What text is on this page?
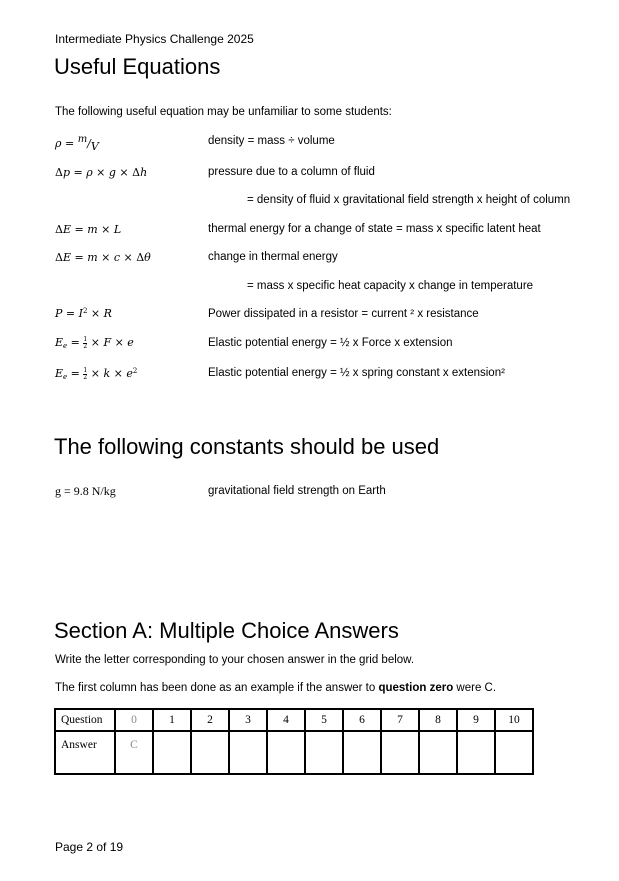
Intermediate Physics Challenge 2025
Useful Equations
The following useful equation may be unfamiliar to some students:
ρ = $^m$/V	density = mass ÷ volume
Δp = ρ × g × Δh	pressure due to a column of fluid
= density of fluid x gravitational field strength x height of column
ΔE = m × L	thermal energy for a change of state = mass x specific latent heat
ΔE = m × c × Δθ	change in thermal energy
= mass x specific heat capacity x change in temperature
$P = I^2 \times R$	Power dissipated in a resistor = current ² x resistance
$E_e = \frac{1}{2} \times F \times e$	Elastic potential energy = ½ x Force x extension
$E_e = \frac{1}{2} \times k \times e^2$	Elastic potential energy = ½ x spring constant x extension²
The following constants should be used
g = 9.8 N/kg	gravitational field strength on Earth
Section A: Multiple Choice Answers
Write the letter corresponding to your chosen answer in the grid below.
The first column has been done as an example if the answer to question zero were C.
Question	0	1	2	3	4	5	6	7	8	9	10
Answer	C										
Page 2 of 19
